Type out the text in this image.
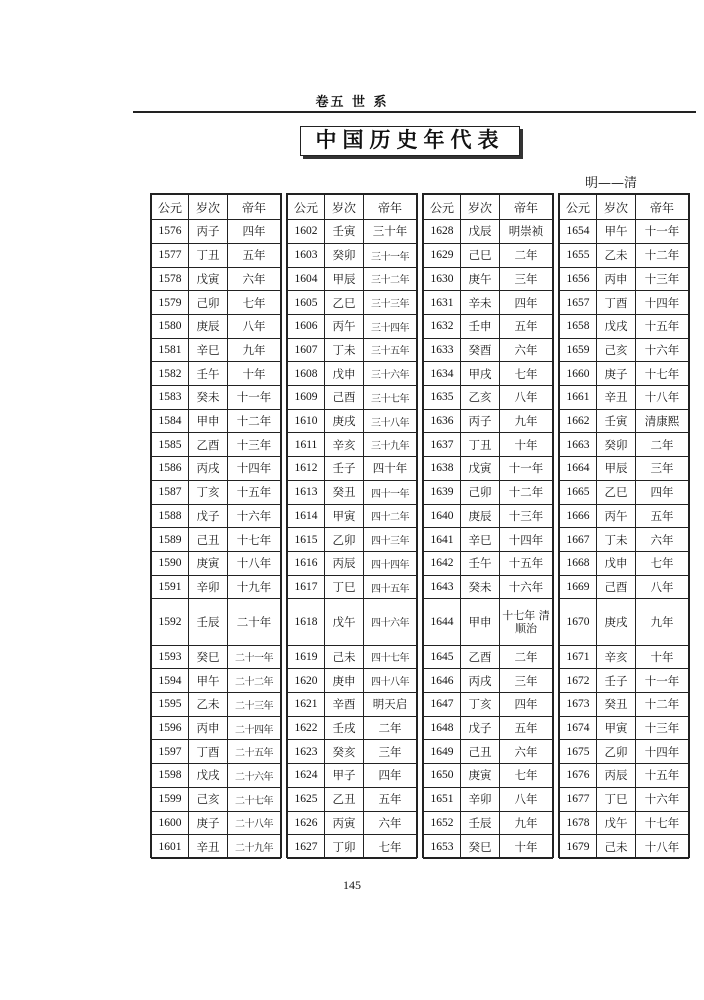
卷五 世 系
中国历史年代表
明——清
公元	岁次	帝年
1576	丙子	四年
1577	丁丑	五年
1578	戊寅	六年
1579	己卯	七年
1580	庚辰	八年
1581	辛巳	九年
1582	壬午	十年
1583	癸未	十一年
1584	甲申	十二年
1585	乙酉	十三年
1586	丙戌	十四年
1587	丁亥	十五年
1588	戊子	十六年
1589	己丑	十七年
1590	庚寅	十八年
1591	辛卯	十九年
1592	壬辰	二十年
1593	癸巳	二十一年
1594	甲午	二十二年
1595	乙未	二十三年
1596	丙申	二十四年
1597	丁酉	二十五年
1598	戊戌	二十六年
1599	己亥	二十七年
1600	庚子	二十八年
1601	辛丑	二十九年
公元	岁次	帝年
1602	壬寅	三十年
1603	癸卯	三十一年
1604	甲辰	三十二年
1605	乙巳	三十三年
1606	丙午	三十四年
1607	丁未	三十五年
1608	戊申	三十六年
1609	己酉	三十七年
1610	庚戌	三十八年
1611	辛亥	三十九年
1612	壬子	四十年
1613	癸丑	四十一年
1614	甲寅	四十二年
1615	乙卯	四十三年
1616	丙辰	四十四年
1617	丁巳	四十五年
1618	戊午	四十六年
1619	己未	四十七年
1620	庚申	四十八年
1621	辛酉	明天启
1622	壬戌	二年
1623	癸亥	三年
1624	甲子	四年
1625	乙丑	五年
1626	丙寅	六年
1627	丁卯	七年
公元	岁次	帝年
1628	戊辰	明崇祯
1629	己巳	二年
1630	庚午	三年
1631	辛未	四年
1632	壬申	五年
1633	癸酉	六年
1634	甲戌	七年
1635	乙亥	八年
1636	丙子	九年
1637	丁丑	十年
1638	戊寅	十一年
1639	己卯	十二年
1640	庚辰	十三年
1641	辛巳	十四年
1642	壬午	十五年
1643	癸未	十六年
1644	甲申	十七年 清顺治
1645	乙酉	二年
1646	丙戌	三年
1647	丁亥	四年
1648	戊子	五年
1649	己丑	六年
1650	庚寅	七年
1651	辛卯	八年
1652	壬辰	九年
1653	癸巳	十年
公元	岁次	帝年
1654	甲午	十一年
1655	乙未	十二年
1656	丙申	十三年
1657	丁酉	十四年
1658	戊戌	十五年
1659	己亥	十六年
1660	庚子	十七年
1661	辛丑	十八年
1662	壬寅	清康熙
1663	癸卯	二年
1664	甲辰	三年
1665	乙巳	四年
1666	丙午	五年
1667	丁未	六年
1668	戊申	七年
1669	己酉	八年
1670	庚戌	九年
1671	辛亥	十年
1672	壬子	十一年
1673	癸丑	十二年
1674	甲寅	十三年
1675	乙卯	十四年
1676	丙辰	十五年
1677	丁巳	十六年
1678	戊午	十七年
1679	己未	十八年
145
